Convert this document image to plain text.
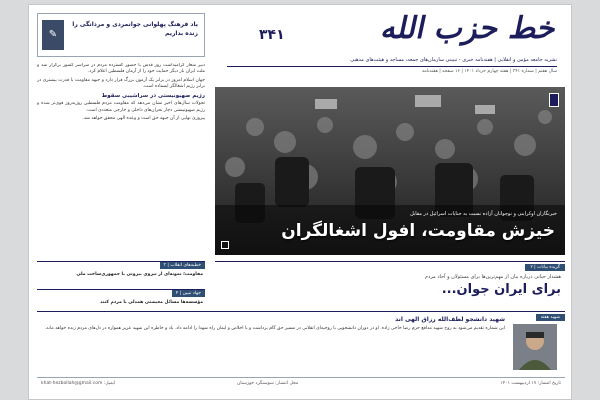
خط حزب الله
۳۴۱
نشریه جامعه مؤمن و انقلابی | هفته‌نامه خبری - تبیینی سازمان‌های جمعه، مساجد و هیئت‌های مذهبی
سال هفتم | شماره ۳۴۱ | هفته چهارم خرداد ۱۴۰۱ | ۱۶ صفحه | هفته‌نامه
✎
یاد فرهنگ پهلوانی جوانمردی و مردانگی را زنده بداریم

دبیر شعار گرامیداشت روز قدس با حضور گسترده مردم در سراسر کشور برگزار شد و ملت ایران بار دیگر حمایت خود را از آرمان فلسطین اعلام کرد.

جهان اسلام امروز در برابر یک آزمون بزرگ قرار دارد و جبهه مقاومت با قدرت بیشتری در برابر رژیم اشغالگر ایستاده است.

رژیم صهیونیستی در سراشیبی سقوط

تحولات سال‌های اخیر نشان می‌دهد که مقاومت مردم فلسطین روزبه‌روز قوی‌تر شده و رژیم صهیونیستی دچار بحران‌های داخلی و خارجی متعددی است.

پیروزی نهایی از آن جبهه حق است و وعده الهی محقق خواهد شد.

خطبه‌های انقلاب | ۳
مقاومت؛ نمونه‌ای از نیروی بیرونی با جمهوری‌ساخت ملی
جهاد تبیین | ۴
مؤسسه‌ها مسائل معیشتی همدلی با مردم کنند
خبرنگاران اوکراینی و نوجوانان آزاده نسبت به جنایات اسرائیل در مقابل
خیزش مقاومت، افول اشغالگران
گزیده بیانات | ۲
هشدار حیاتی درباره بیان از مهم‌ترین‌ها برای مسئولان و آحاد مردم
برای ایران جوان...
شهید هفته
شهید دانشجو لطف‌الله رزاق الهی اند
این شماره تقدیم می‌شود به روح شهید مدافع حرم رضا حاجی زاده. او در دوران دانشجویی با روحیه‌ای انقلابی در مسیر حق گام برداشت و با اخلاص و ایمان راه شهدا را ادامه داد. یاد و خاطره این شهید عزیز همواره در دل‌های مردم زنده خواهد ماند.
تاریخ انتشار: ۱۷ اردیبهشت ۱۴۰۱
محل انتشار: سوسنگرد خوزستان
ایمیل: khat-hezbollah@gmail.com
